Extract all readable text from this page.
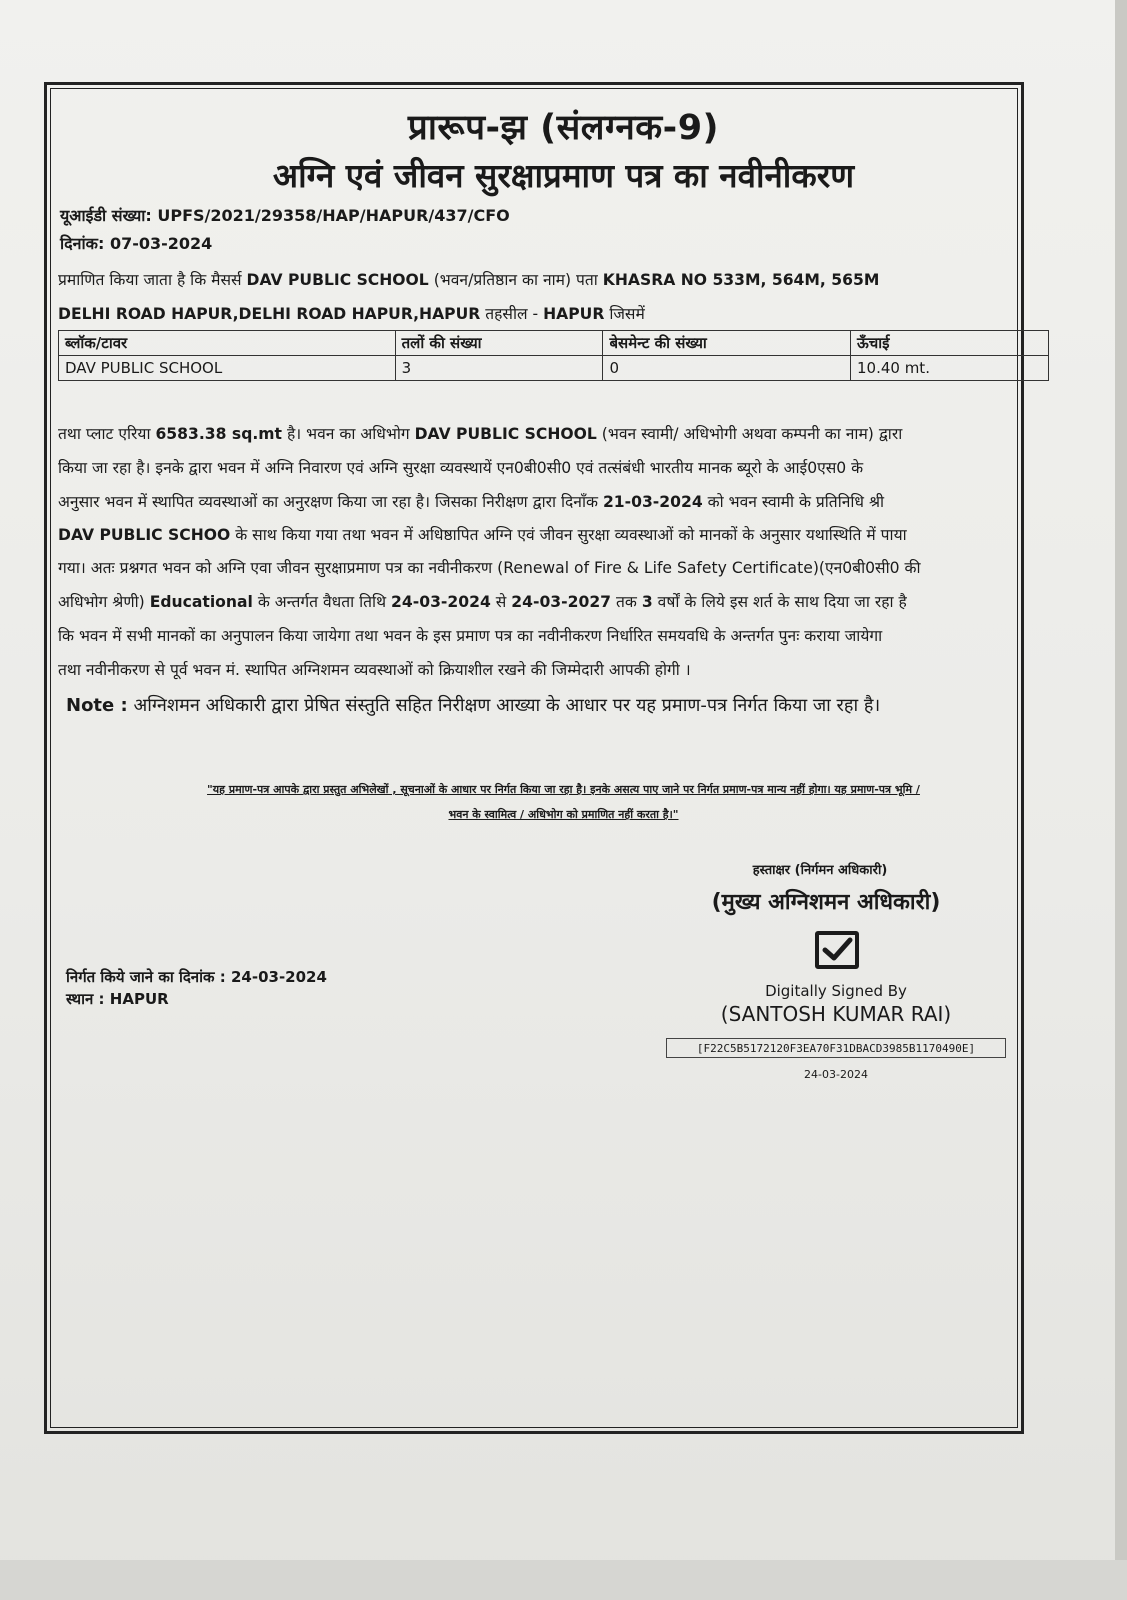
प्रारूप-झ (संलग्नक-9)
अग्नि एवं जीवन सुरक्षाप्रमाण पत्र का नवीनीकरण
यूआईडी संख्या: UPFS/2021/29358/HAP/HAPUR/437/CFO
दिनांक: 07-03-2024
प्रमाणित किया जाता है कि मैसर्स DAV PUBLIC SCHOOL (भवन/प्रतिष्ठान का नाम) पता KHASRA NO 533M, 564M, 565M
DELHI ROAD HAPUR,DELHI ROAD HAPUR,HAPUR तहसील - HAPUR जिसमें
ब्लॉक/टावर	तलों की संख्या	बेसमेन्ट की संख्या	ऊँचाई
DAV PUBLIC SCHOOL	3	0	10.40 mt.
तथा प्लाट एरिया 6583.38 sq.mt है। भवन का अधिभोग DAV PUBLIC SCHOOL (भवन स्वामी/ अधिभोगी अथवा कम्पनी का नाम) द्वारा
किया जा रहा है। इनके द्वारा भवन में अग्नि निवारण एवं अग्नि सुरक्षा व्यवस्थायें एन0बी0सी0 एवं तत्संबंधी भारतीय मानक ब्यूरो के आई0एस0 के
अनुसार भवन में स्थापित व्यवस्थाओं का अनुरक्षण किया जा रहा है। जिसका निरीक्षण द्वारा दिनाँक 21-03-2024 को भवन स्वामी के प्रतिनिधि श्री
DAV PUBLIC SCHOO के साथ किया गया तथा भवन में अधिष्ठापित अग्नि एवं जीवन सुरक्षा व्यवस्थाओं को मानकों के अनुसार यथास्थिति में पाया
गया। अतः प्रश्नगत भवन को अग्नि एवा जीवन सुरक्षाप्रमाण पत्र का नवीनीकरण (Renewal of Fire & Life Safety Certificate)(एन0बी0सी0 की
अधिभोग श्रेणी) Educational के अन्तर्गत वैधता तिथि 24-03-2024 से 24-03-2027 तक 3 वर्षों के लिये इस शर्त के साथ दिया जा रहा है
कि भवन में सभी मानकों का अनुपालन किया जायेगा तथा भवन के इस प्रमाण पत्र का नवीनीकरण निर्धारित समयवधि के अन्तर्गत पुनः कराया जायेगा
तथा नवीनीकरण से पूर्व भवन मं. स्थापित अग्निशमन व्यवस्थाओं को क्रियाशील रखने की जिम्मेदारी आपकी होगी ।
Note : अग्निशमन अधिकारी द्वारा प्रेषित संस्तुति सहित निरीक्षण आख्या के आधार पर यह प्रमाण-पत्र निर्गत किया जा रहा है।
"यह प्रमाण-पत्र आपके द्वारा प्रस्तुत अभिलेखों , सूचनाओं के आधार पर निर्गत किया जा रहा है। इनके असत्य पाए जाने पर निर्गत प्रमाण-पत्र मान्य नहीं होगा। यह प्रमाण-पत्र भूमि /
भवन के स्वामित्व / अधिभोग को प्रमाणित नहीं करता है।"
हस्ताक्षर (निर्गमन अधिकारी)
(मुख्य अग्निशमन अधिकारी)
Digitally Signed By
(SANTOSH KUMAR RAI)
[F22C5B5172120F3EA70F31DBACD3985B1170490E]
24-03-2024
निर्गत किये जाने का दिनांक : 24-03-2024
स्थान : HAPUR
